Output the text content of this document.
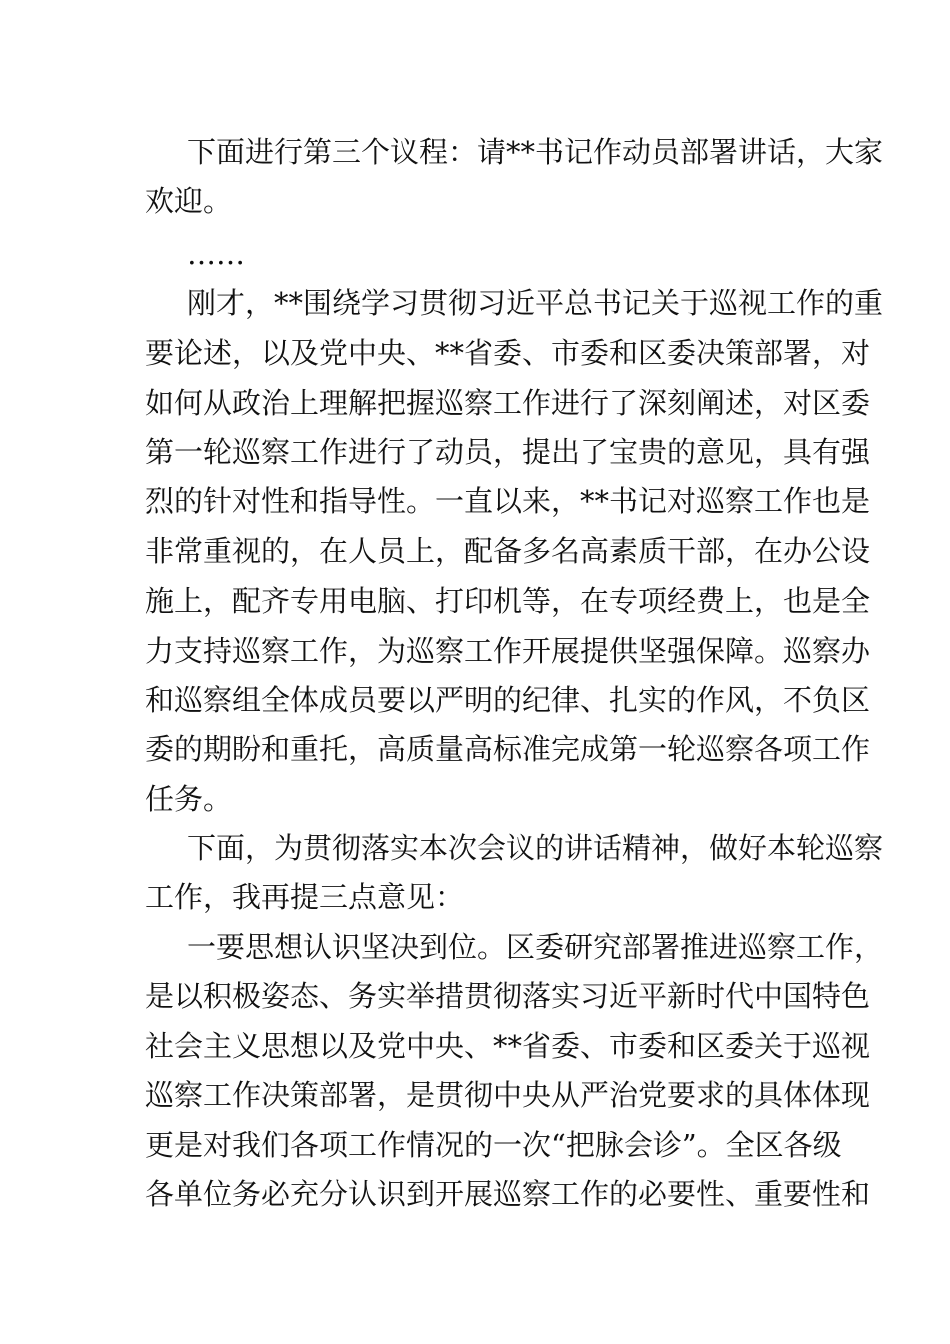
下面进行第三个议程：请**书记作动员部署讲话，大家

欢迎。

……

刚才，**围绕学习贯彻习近平总书记关于巡视工作的重

要论述，以及党中央、**省委、市委和区委决策部署，对

如何从政治上理解把握巡察工作进行了深刻阐述，对区委

第一轮巡察工作进行了动员，提出了宝贵的意见，具有强

烈的针对性和指导性。一直以来，**书记对巡察工作也是

非常重视的，在人员上，配备多名高素质干部，在办公设

施上，配齐专用电脑、打印机等，在专项经费上，也是全

力支持巡察工作，为巡察工作开展提供坚强保障。巡察办

和巡察组全体成员要以严明的纪律、扎实的作风，不负区

委的期盼和重托，高质量高标准完成第一轮巡察各项工作

任务。

下面，为贯彻落实本次会议的讲话精神，做好本轮巡察

工作，我再提三点意见：

一要思想认识坚决到位。区委研究部署推进巡察工作，

是以积极姿态、务实举措贯彻落实习近平新时代中国特色

社会主义思想以及党中央、**省委、市委和区委关于巡视

巡察工作决策部署，是贯彻中央从严治党要求的具体体现

更是对我们各项工作情况的一次“把脉会诊”。全区各级

各单位务必充分认识到开展巡察工作的必要性、重要性和
